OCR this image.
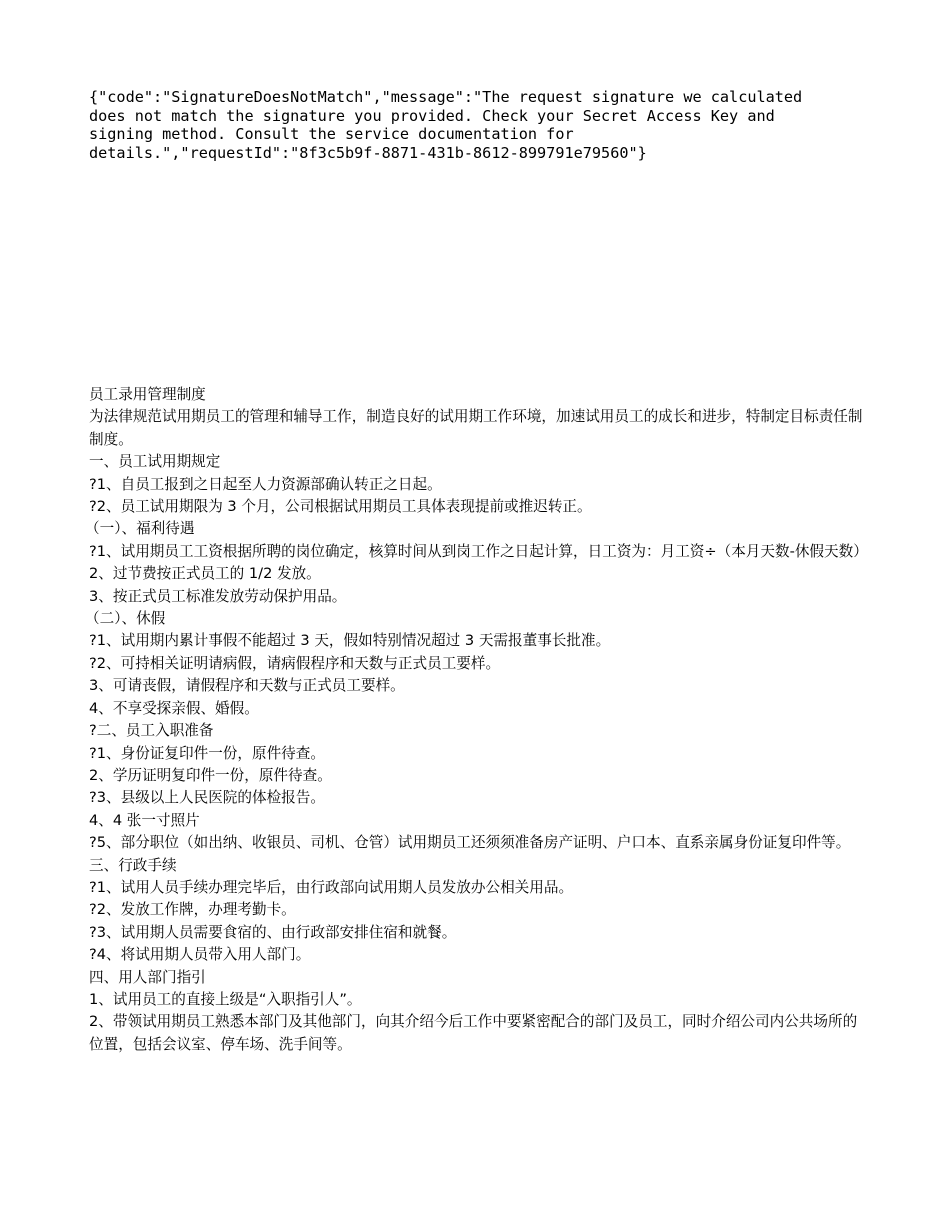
{"code":"SignatureDoesNotMatch","message":"The request signature we calculated
does not match the signature you provided. Check your Secret Access Key and
signing method. Consult the service documentation for
details.","requestId":"8f3c5b9f-8871-431b-8612-899791e79560"}

员工录用管理制度

为法律规范试用期员工的管理和辅导工作，制造良好的试用期工作环境，加速试用员工的成长和进步，特制定目标责任制制度。

一、员工试用期规定

?1、自员工报到之日起至人力资源部确认转正之日起。

?2、员工试用期限为 3 个月，公司根据试用期员工具体表现提前或推迟转正。

（一）、福利待遇

?1、试用期员工工资根据所聘的岗位确定，核算时间从到岗工作之日起计算，日工资为：月工资÷（本月天数-休假天数）

2、过节费按正式员工的 1/2 发放。

3、按正式员工标准发放劳动保护用品。

（二）、休假

?1、试用期内累计事假不能超过 3 天，假如特别情况超过 3 天需报董事长批准。

?2、可持相关证明请病假，请病假程序和天数与正式员工要样。

3、可请丧假，请假程序和天数与正式员工要样。

4、不享受探亲假、婚假。

?二、员工入职准备

?1、身份证复印件一份，原件待查。

2、学历证明复印件一份，原件待查。

?3、县级以上人民医院的体检报告。

4、4 张一寸照片

?5、部分职位（如出纳、收银员、司机、仓管）试用期员工还须须准备房产证明、户口本、直系亲属身份证复印件等。

三、行政手续

?1、试用人员手续办理完毕后，由行政部向试用期人员发放办公相关用品。

?2、发放工作牌，办理考勤卡。

?3、试用期人员需要食宿的、由行政部安排住宿和就餐。

?4、将试用期人员带入用人部门。

四、用人部门指引

1、试用员工的直接上级是“入职指引人”。

2、带领试用期员工熟悉本部门及其他部门，向其介绍今后工作中要紧密配合的部门及员工，同时介绍公司内公共场所的位置，包括会议室、停车场、洗手间等。
